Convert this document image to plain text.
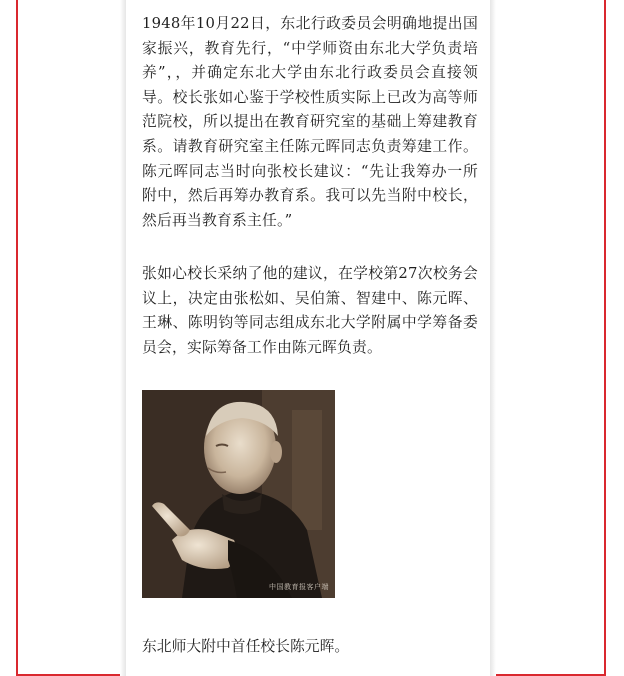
1948年10月22日，东北行政委员会明确地提出国家振兴，教育先行，“中学师资由东北大学负责培养”，，并确定东北大学由东北行政委员会直接领导。校长张如心鉴于学校性质实际上已改为高等师范院校，所以提出在教育研究室的基础上筹建教育系。请教育研究室主任陈元晖同志负责筹建工作。陈元晖同志当时向张校长建议：“先让我筹办一所附中，然后再筹办教育系。我可以先当附中校长，然后再当教育系主任。”

张如心校长采纳了他的建议，在学校第27次校务会议上，决定由张松如、吴伯箫、智建中、陈元晖、王琳、陈明钧等同志组成东北大学附属中学筹备委员会，实际筹备工作由陈元晖负责。

中国教育报客户端

东北师大附中首任校长陈元晖。
